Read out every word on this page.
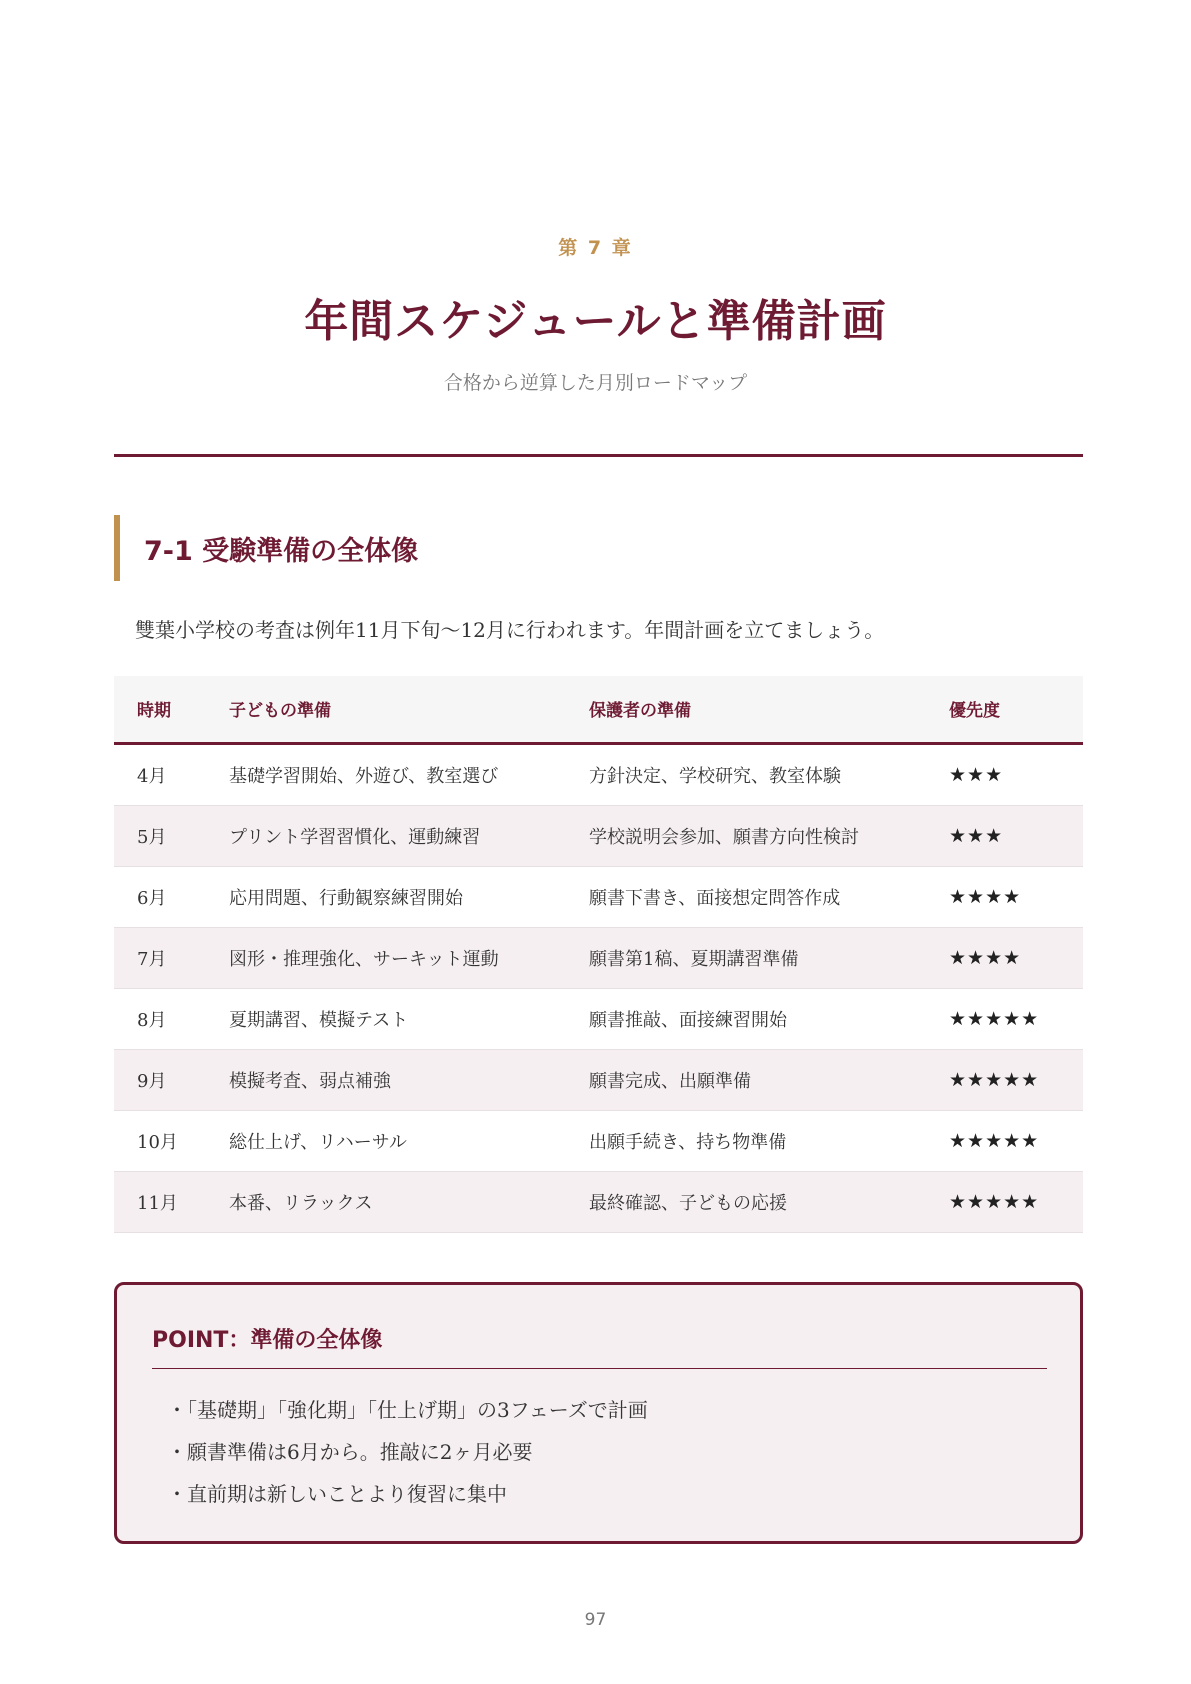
第 7 章
年間スケジュールと準備計画
合格から逆算した月別ロードマップ
7-1 受験準備の全体像

雙葉小学校の考査は例年11月下旬〜12月に行われます。年間計画を立てましょう。

時期	子どもの準備	保護者の準備	優先度
4月	基礎学習開始、外遊び、教室選び	方針決定、学校研究、教室体験	★★★
5月	プリント学習習慣化、運動練習	学校説明会参加、願書方向性検討	★★★
6月	応用問題、行動観察練習開始	願書下書き、面接想定問答作成	★★★★
7月	図形・推理強化、サーキット運動	願書第1稿、夏期講習準備	★★★★
8月	夏期講習、模擬テスト	願書推敲、面接練習開始	★★★★★
9月	模擬考査、弱点補強	願書完成、出願準備	★★★★★
10月	総仕上げ、リハーサル	出願手続き、持ち物準備	★★★★★
11月	本番、リラックス	最終確認、子どもの応援	★★★★★
POINT：準備の全体像
・ 「基礎期」「強化期」「仕上げ期」の3フェーズで計画
・ 願書準備は6月から。推敲に2ヶ月必要
・ 直前期は新しいことより復習に集中
97
